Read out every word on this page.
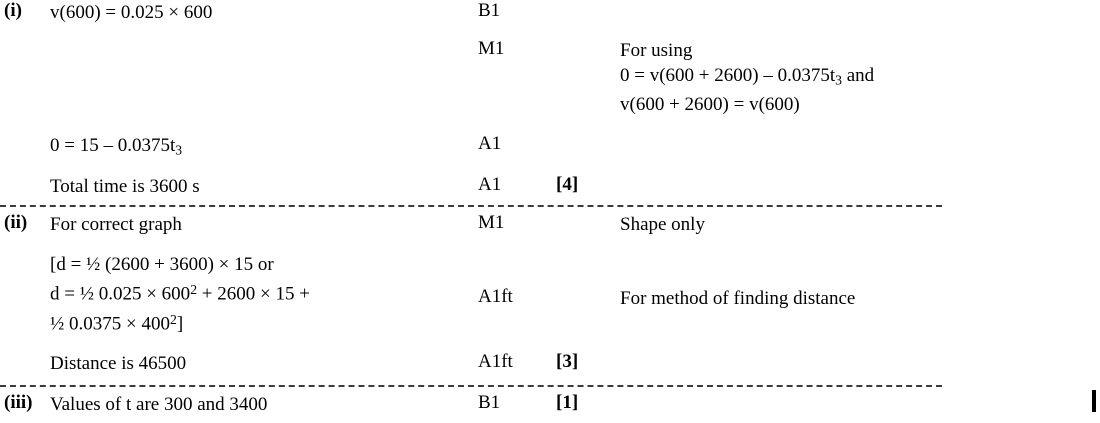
(i)	v(600) = 0.025 × 600	B1
M1	For using
$0 = v(600 + 2600) - 0.0375t_3$ and
v(600 + 2600) = v(600)
$0 = 15 - 0.0375t_3$	A1
Total time is 3600 s	A1	[4]
(ii)	For correct graph	M1	Shape only
[d = ½ (2600 + 3600) × 15 or
d = ½ $0.025 \times 600^2 + 2600 \times 15$ +
½ $0.0375 \times 400^2$]
A1ft	For method of finding distance
Distance is 46500	A1ft	[3]
(iii) Values of t are 300 and 3400	B1	[1]
